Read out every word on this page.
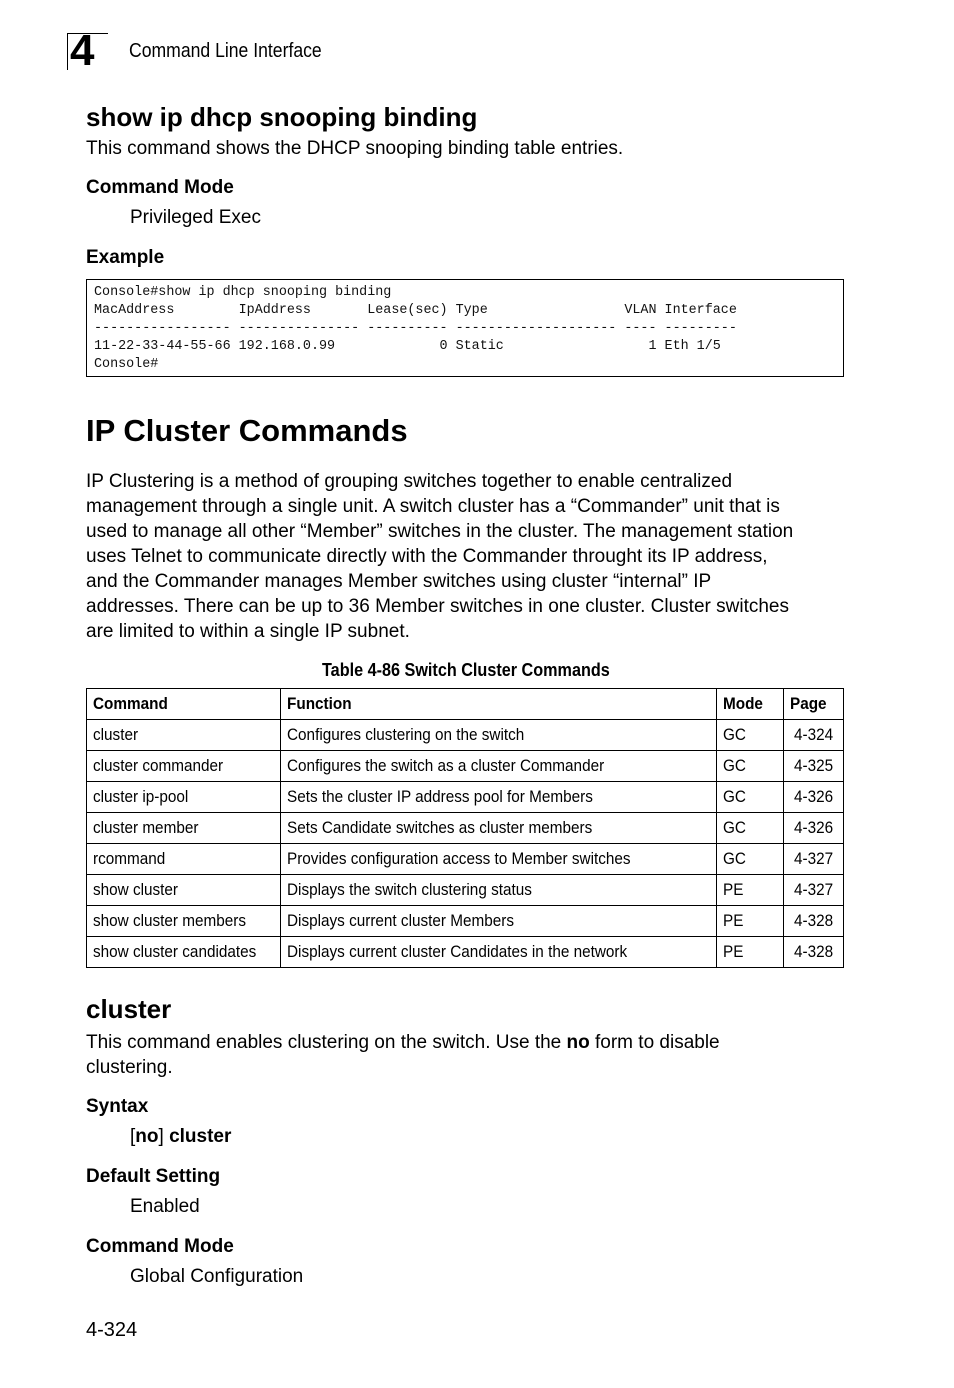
4 Command Line Interface
show ip dhcp snooping binding

This command shows the DHCP snooping binding table entries.

Command Mode

Privileged Exec

Example

Console#show ip dhcp snooping binding
MacAddress        IpAddress       Lease(sec) Type                 VLAN Interface
----------------- --------------- ---------- -------------------- ---- ---------
11-22-33-44-55-66 192.168.0.99             0 Static                  1 Eth 1/5
Console#
IP Cluster Commands

IP Clustering is a method of grouping switches together to enable centralized

management through a single unit. A switch cluster has a “Commander” unit that is

used to manage all other “Member” switches in the cluster. The management station

uses Telnet to communicate directly with the Commander throught its IP address,

and the Commander manages Member switches using cluster “internal” IP

addresses. There can be up to 36 Member switches in one cluster. Cluster switches

are limited to within a single IP subnet.

Table 4-86 Switch Cluster Commands
Command	Function	Mode	Page
cluster	Configures clustering on the switch	GC	4-324
cluster commander	Configures the switch as a cluster Commander	GC	4-325
cluster ip-pool	Sets the cluster IP address pool for Members	GC	4-326
cluster member	Sets Candidate switches as cluster members	GC	4-326
rcommand	Provides configuration access to Member switches	GC	4-327
show cluster	Displays the switch clustering status	PE	4-327
show cluster members	Displays current cluster Members	PE	4-328
show cluster candidates	Displays current cluster Candidates in the network	PE	4-328
cluster

This command enables clustering on the switch. Use the no form to disable

clustering.

Syntax

[no] cluster

Default Setting

Enabled

Command Mode

Global Configuration

4-324
